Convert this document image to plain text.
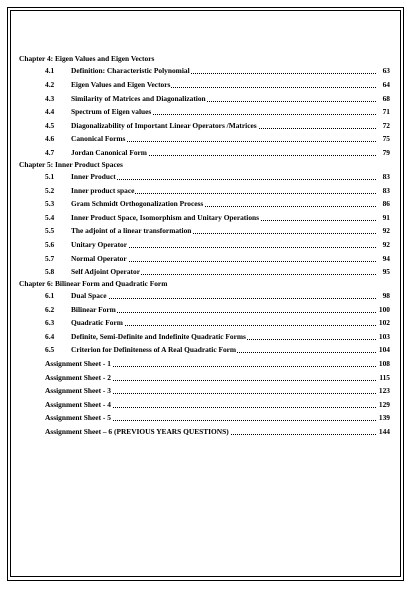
Chapter 4: Eigen Values and Eigen Vectors
4.1	Definition: Characteristic Polynomial	63
4.2	Eigen Values and Eigen Vectors	64
4.3	Similarity of Matrices and Diagonalization	68
4.4	Spectrum of Eigen values	71
4.5	Diagonalizability of Important Linear Operators /Matrices	72
4.6	Canonical Forms	75
4.7	Jordan Canonical Form	79
Chapter 5: Inner Product Spaces
5.1	Inner Product	83
5.2	Inner product space	83
5.3	Gram Schmidt Orthogonalization Process	86
5.4	Inner Product Space, Isomorphism and Unitary Operations	91
5.5	The adjoint of a linear transformation	92
5.6	Unitary Operator	92
5.7	Normal Operator	94
5.8	Self Adjoint Operator	95
Chapter 6: Bilinear Form and Quadratic Form
6.1	Dual Space	98
6.2	Bilinear Form	100
6.3	Quadratic Form	102
6.4	Definite, Semi-Definite and Indefinite Quadratic Forms	103
6.5	Criterion for Definiteness of A Real Quadratic Form	104
Assignment Sheet - 1	108
Assignment Sheet - 2	115
Assignment Sheet - 3	123
Assignment Sheet - 4	129
Assignment Sheet - 5	139
Assignment Sheet – 6 (PREVIOUS YEARS QUESTIONS)	144
